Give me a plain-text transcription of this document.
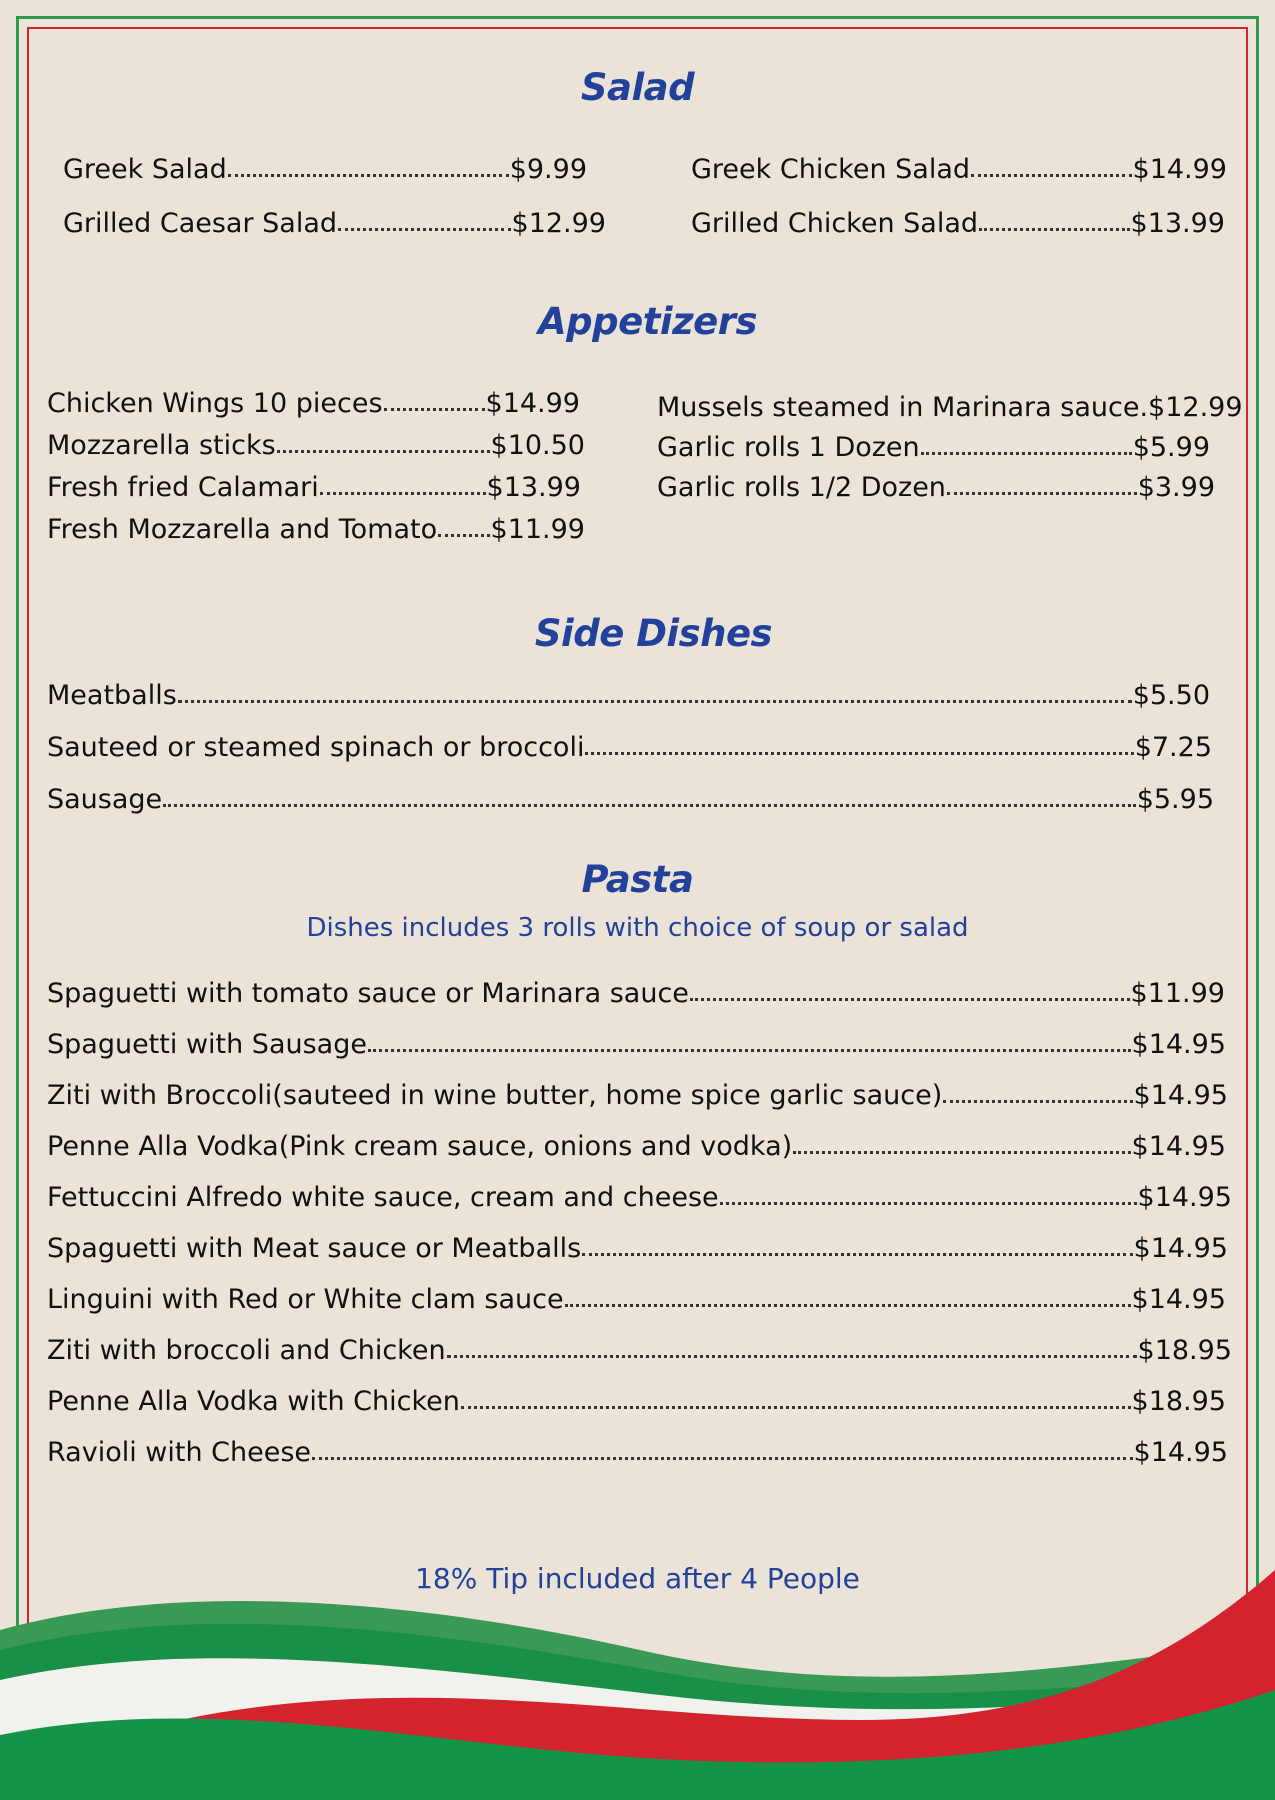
Salad
Greek Salad	$9.99
Grilled Caesar Salad	$12.99
Greek Chicken Salad	$14.99
Grilled Chicken Salad	$13.99
Appetizers
Chicken Wings 10 pieces	$14.99
Mozzarella sticks	$10.50
Fresh fried Calamari	$13.99
Fresh Mozzarella and Tomato $11.99
Mussels steamed in Marinara sauce. $12.99
Garlic rolls 1 Dozen	$5.99
Garlic rolls 1/2 Dozen	$3.99
Side Dishes
Meatballs	$5.50
Sauteed or steamed spinach or broccoli	$7.25
Sausage	$5.95
Pasta
Dishes includes 3 rolls with choice of soup or salad
Spaguetti with tomato sauce or Marinara sauce	$11.99
Spaguetti with Sausage	$14.95
Ziti with Broccoli(sauteed in wine butter, home spice garlic sauce)	$14.95
Penne Alla Vodka(Pink cream sauce, onions and vodka)	$14.95
Fettuccini Alfredo white sauce, cream and cheese	$14.95
Spaguetti with Meat sauce or Meatballs	$14.95
Linguini with Red or White clam sauce	$14.95
Ziti with broccoli and Chicken	$18.95
Penne Alla Vodka with Chicken	$18.95
Ravioli with Cheese	$14.95
18% Tip included after 4 People
